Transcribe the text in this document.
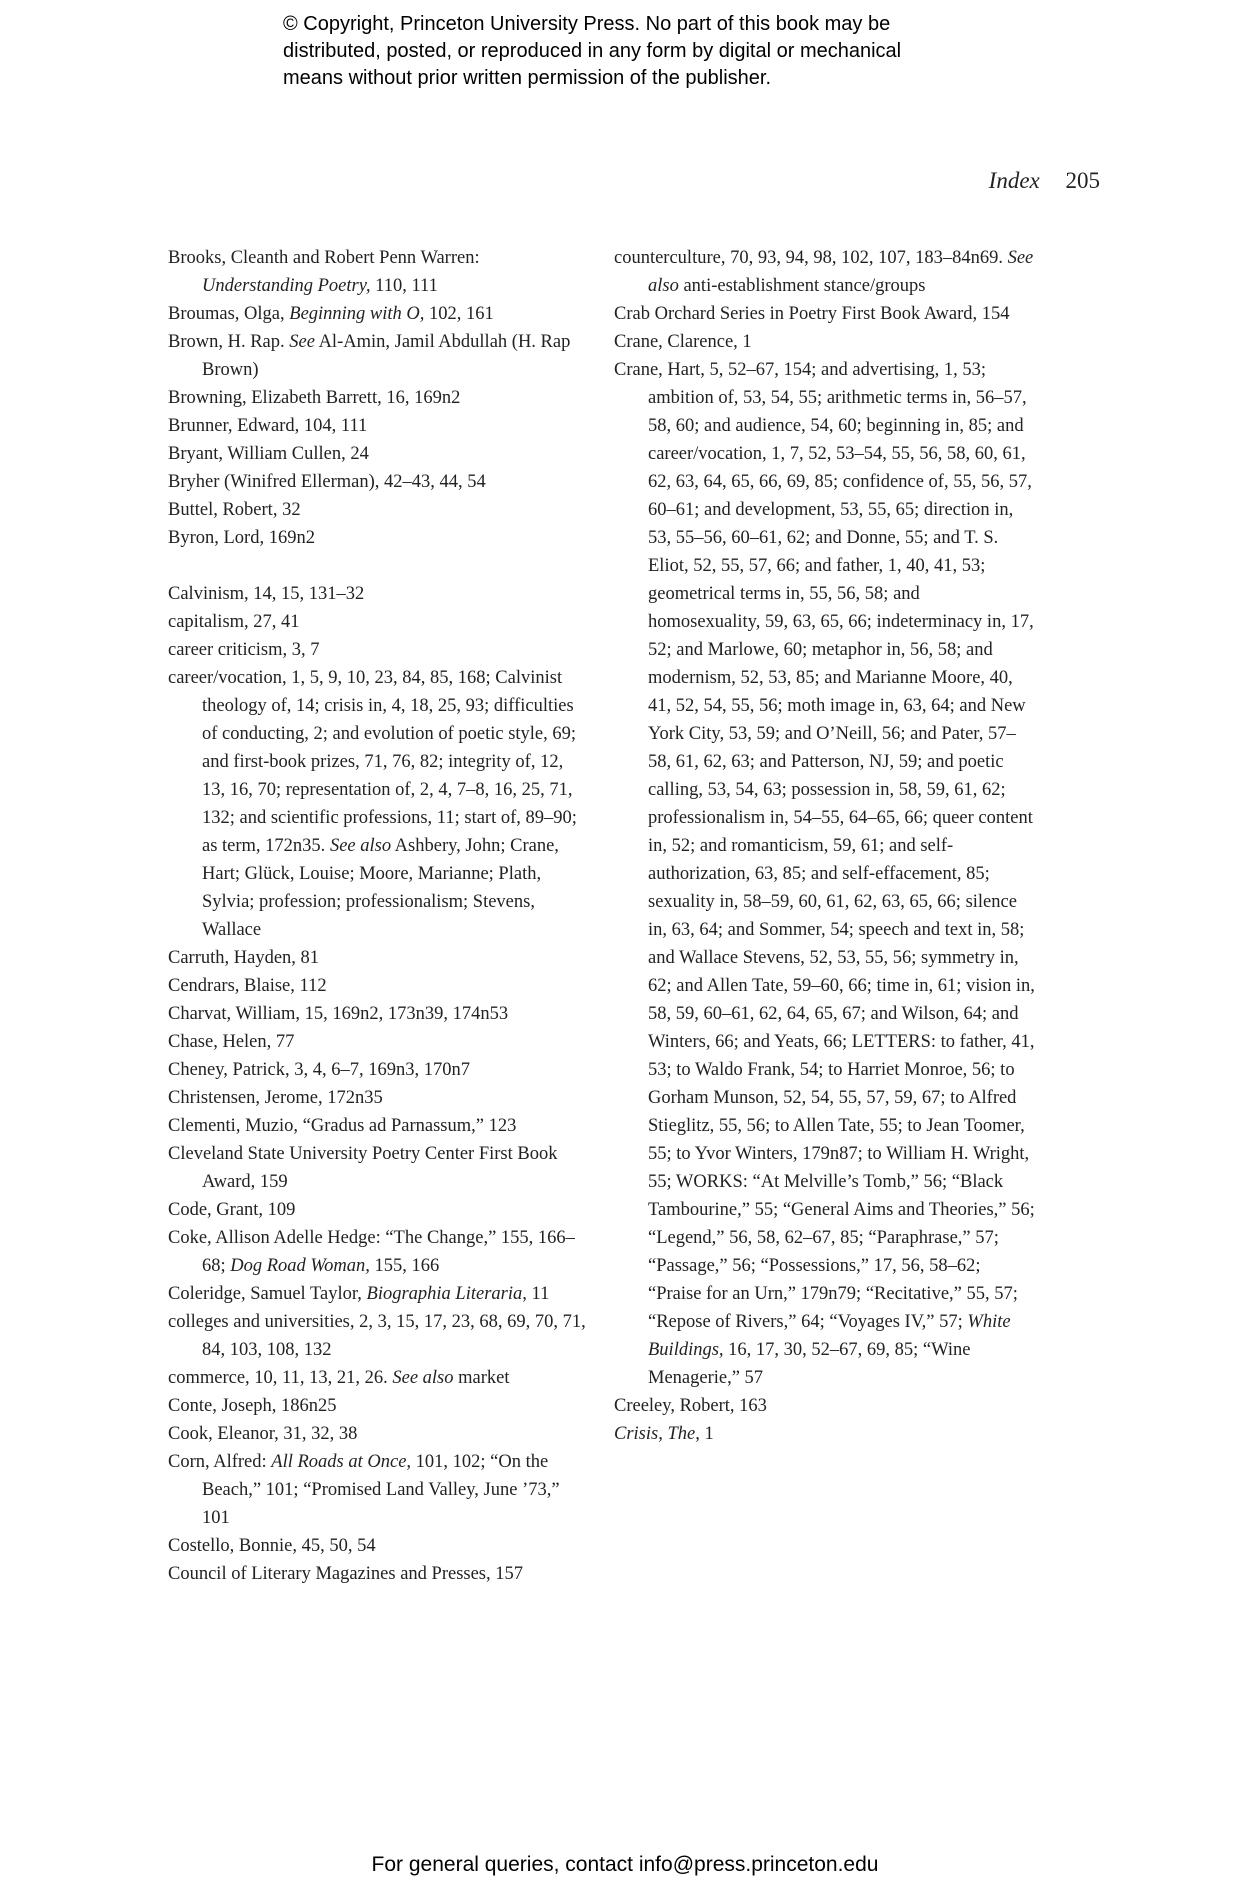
© Copyright, Princeton University Press. No part of this book may be
distributed, posted, or reproduced in any form by digital or mechanical
means without prior written permission of the publisher.
Index 205
Brooks, Cleanth and Robert Penn Warren: Understanding Poetry, 110, 111
Broumas, Olga, Beginning with O, 102, 161
Brown, H. Rap. See Al-Amin, Jamil Abdullah (H. Rap Brown)
Browning, Elizabeth Barrett, 16, 169n2
Brunner, Edward, 104, 111
Bryant, William Cullen, 24
Bryher (Winifred Ellerman), 42–43, 44, 54
Buttel, Robert, 32
Byron, Lord, 169n2
Calvinism, 14, 15, 131–32
capitalism, 27, 41
career criticism, 3, 7
career/vocation, 1, 5, 9, 10, 23, 84, 85, 168; Calvinist theology of, 14; crisis in, 4, 18, 25, 93; difficulties of conducting, 2; and evolution of poetic style, 69; and first-book prizes, 71, 76, 82; integrity of, 12, 13, 16, 70; representation of, 2, 4, 7–8, 16, 25, 71, 132; and scientific professions, 11; start of, 89–90; as term, 172n35. See also Ashbery, John; Crane, Hart; Glück, Louise; Moore, Marianne; Plath, Sylvia; profession; professionalism; Stevens, Wallace
Carruth, Hayden, 81
Cendrars, Blaise, 112
Charvat, William, 15, 169n2, 173n39, 174n53
Chase, Helen, 77
Cheney, Patrick, 3, 4, 6–7, 169n3, 170n7
Christensen, Jerome, 172n35
Clementi, Muzio, “Gradus ad Parnassum,” 123
Cleveland State University Poetry Center First Book Award, 159
Code, Grant, 109
Coke, Allison Adelle Hedge: “The Change,” 155, 166–68; Dog Road Woman, 155, 166
Coleridge, Samuel Taylor, Biographia Literaria, 11
colleges and universities, 2, 3, 15, 17, 23, 68, 69, 70, 71, 84, 103, 108, 132
commerce, 10, 11, 13, 21, 26. See also market
Conte, Joseph, 186n25
Cook, Eleanor, 31, 32, 38
Corn, Alfred: All Roads at Once, 101, 102; “On the Beach,” 101; “Promised Land Valley, June ’73,” 101
Costello, Bonnie, 45, 50, 54
Council of Literary Magazines and Presses, 157
counterculture, 70, 93, 94, 98, 102, 107, 183–84n69. See also anti-establishment stance/groups
Crab Orchard Series in Poetry First Book Award, 154
Crane, Clarence, 1
Crane, Hart, 5, 52–67, 154; and advertising, 1, 53; ambition of, 53, 54, 55; arithmetic terms in, 56–57, 58, 60; and audience, 54, 60; beginning in, 85; and career/vocation, 1, 7, 52, 53–54, 55, 56, 58, 60, 61, 62, 63, 64, 65, 66, 69, 85; confidence of, 55, 56, 57, 60–61; and development, 53, 55, 65; direction in, 53, 55–56, 60–61, 62; and Donne, 55; and T. S. Eliot, 52, 55, 57, 66; and father, 1, 40, 41, 53; geometrical terms in, 55, 56, 58; and homosexuality, 59, 63, 65, 66; indeterminacy in, 17, 52; and Marlowe, 60; metaphor in, 56, 58; and modernism, 52, 53, 85; and Marianne Moore, 40, 41, 52, 54, 55, 56; moth image in, 63, 64; and New York City, 53, 59; and O’Neill, 56; and Pater, 57–58, 61, 62, 63; and Patterson, NJ, 59; and poetic calling, 53, 54, 63; possession in, 58, 59, 61, 62; professionalism in, 54–55, 64–65, 66; queer content in, 52; and romanticism, 59, 61; and self-authorization, 63, 85; and self-effacement, 85; sexuality in, 58–59, 60, 61, 62, 63, 65, 66; silence in, 63, 64; and Sommer, 54; speech and text in, 58; and Wallace Stevens, 52, 53, 55, 56; symmetry in, 62; and Allen Tate, 59–60, 66; time in, 61; vision in, 58, 59, 60–61, 62, 64, 65, 67; and Wilson, 64; and Winters, 66; and Yeats, 66; LETTERS: to father, 41, 53; to Waldo Frank, 54; to Harriet Monroe, 56; to Gorham Munson, 52, 54, 55, 57, 59, 67; to Alfred Stieglitz, 55, 56; to Allen Tate, 55; to Jean Toomer, 55; to Yvor Winters, 179n87; to William H. Wright, 55; WORKS: “At Melville’s Tomb,” 56; “Black Tambourine,” 55; “General Aims and Theories,” 56; “Legend,” 56, 58, 62–67, 85; “Paraphrase,” 57; “Passage,” 56; “Possessions,” 17, 56, 58–62; “Praise for an Urn,” 179n79; “Recitative,” 55, 57; “Repose of Rivers,” 64; “Voyages IV,” 57; White Buildings, 16, 17, 30, 52–67, 69, 85; “Wine Menagerie,” 57
Creeley, Robert, 163
Crisis, The, 1
For general queries, contact info@press.princeton.edu
